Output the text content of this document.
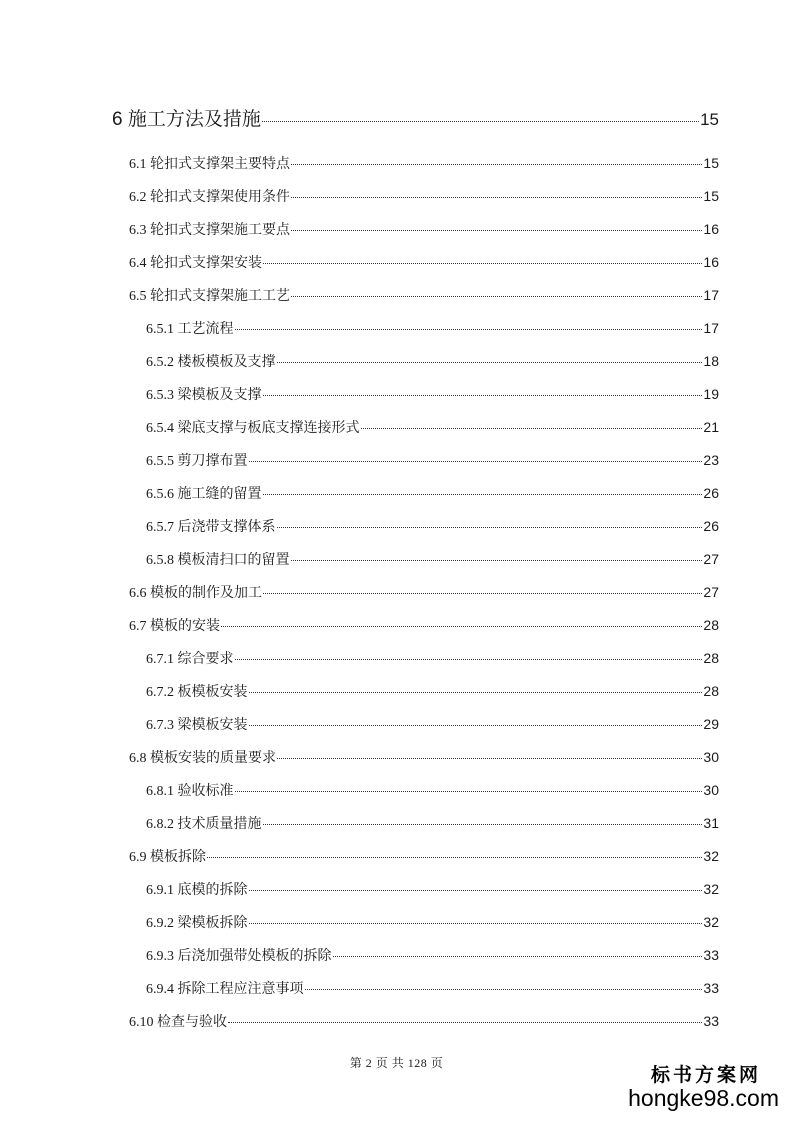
6 施工方法及措施	15
6.1 轮扣式支撑架主要特点	15
6.2 轮扣式支撑架使用条件	15
6.3 轮扣式支撑架施工要点	16
6.4 轮扣式支撑架安装	16
6.5 轮扣式支撑架施工工艺	17
6.5.1 工艺流程	17
6.5.2 楼板模板及支撑	18
6.5.3 梁模板及支撑	19
6.5.4 梁底支撑与板底支撑连接形式	21
6.5.5 剪刀撑布置	23
6.5.6 施工缝的留置	26
6.5.7 后浇带支撑体系	26
6.5.8 模板清扫口的留置	27
6.6 模板的制作及加工	27
6.7 模板的安装	28
6.7.1 综合要求	28
6.7.2 板模板安装	28
6.7.3 梁模板安装	29
6.8 模板安装的质量要求	30
6.8.1 验收标准	30
6.8.2 技术质量措施	31
6.9 模板拆除	32
6.9.1 底模的拆除	32
6.9.2 梁模板拆除	32
6.9.3 后浇加强带处模板的拆除	33
6.9.4 拆除工程应注意事项	33
6.10 检查与验收	33
第 2 页 共 128 页
标书方案网
hongke98.com
